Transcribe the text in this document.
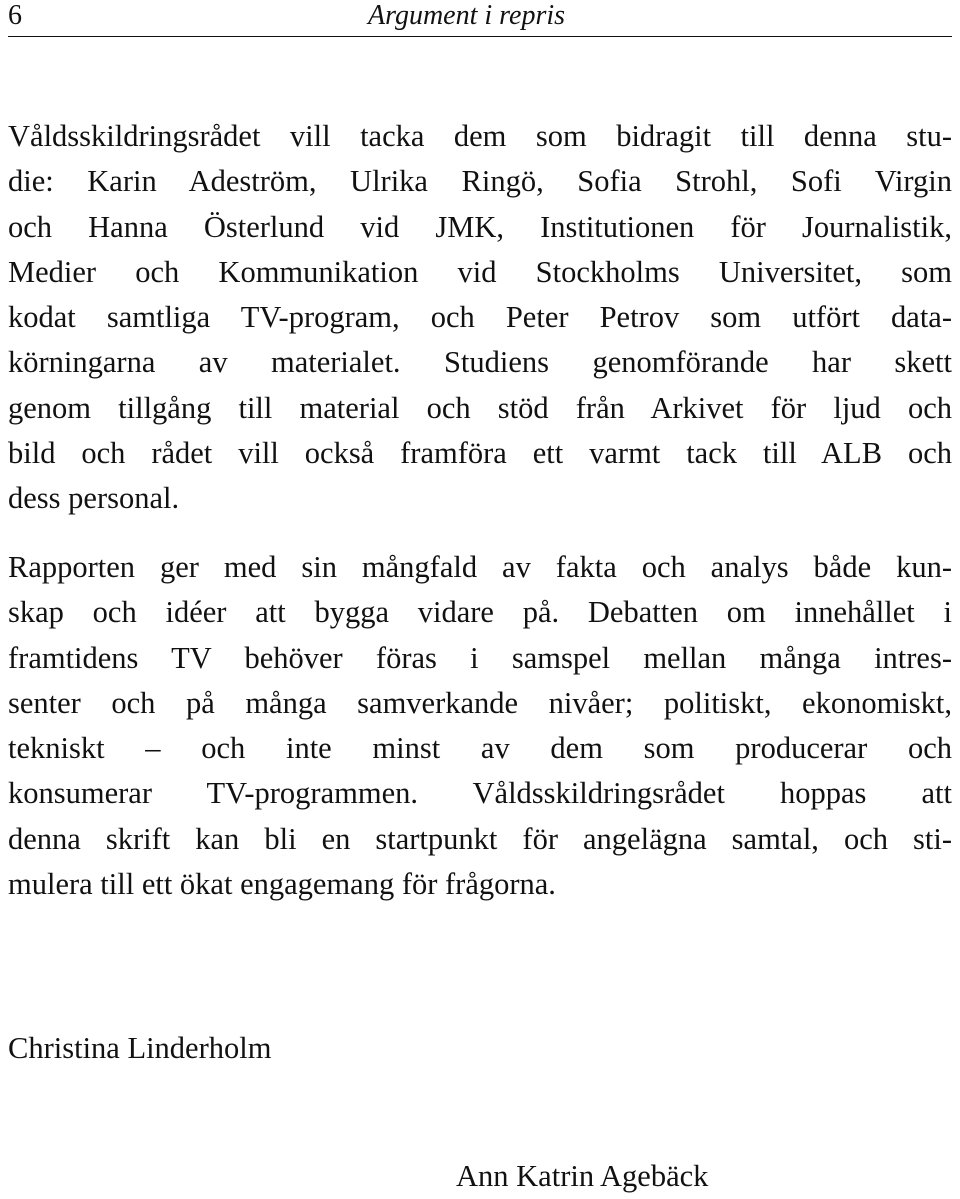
6	Argument i repris
Våldsskildringsrådet vill tacka dem som bidragit till denna stu-
die: Karin Adeström, Ulrika Ringö, Sofia Strohl, Sofi Virgin
och Hanna Österlund vid JMK, Institutionen för Journalistik,
Medier och Kommunikation vid Stockholms Universitet, som
kodat samtliga TV-program, och Peter Petrov som utfört data-
körningarna av materialet. Studiens genomförande har skett
genom tillgång till material och stöd från Arkivet för ljud och
bild och rådet vill också framföra ett varmt tack till ALB och
dess personal.
Rapporten ger med sin mångfald av fakta och analys både kun-
skap och idéer att bygga vidare på. Debatten om innehållet i
framtidens TV behöver föras i samspel mellan många intres-
senter och på många samverkande nivåer; politiskt, ekonomiskt,
tekniskt – och inte minst av dem som producerar och
konsumerar TV-programmen. Våldsskildringsrådet hoppas att
denna skrift kan bli en startpunkt för angelägna samtal, och sti-
mulera till ett ökat engagemang för frågorna.
Christina Linderholm
Ann Katrin Agebäck
